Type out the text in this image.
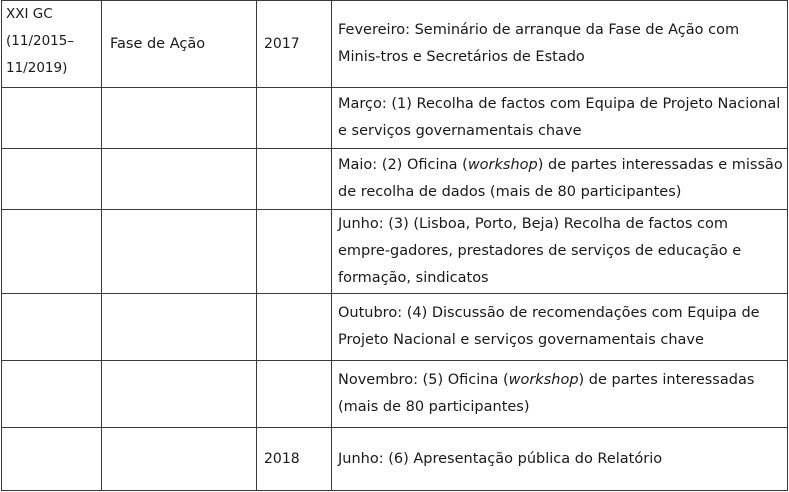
XXI GC
(11/2015–
11/2019)	Fase de Ação	2017	Fevereiro: Seminário de arranque da Fase de Ação com Minis-tros e Secretários de Estado
			Março: (1) Recolha de factos com Equipa de Projeto Nacional e serviços governamentais chave
			Maio: (2) Oficina (workshop) de partes interessadas e missão de recolha de dados (mais de 80 participantes)
			Junho: (3) (Lisboa, Porto, Beja) Recolha de factos com empre-gadores, prestadores de serviços de educação e formação, sindicatos
			Outubro: (4) Discussão de recomendações com Equipa de Projeto Nacional e serviços governamentais chave
			Novembro: (5) Oficina (workshop) de partes interessadas (mais de 80 participantes)
		2018	Junho: (6) Apresentação pública do Relatório
